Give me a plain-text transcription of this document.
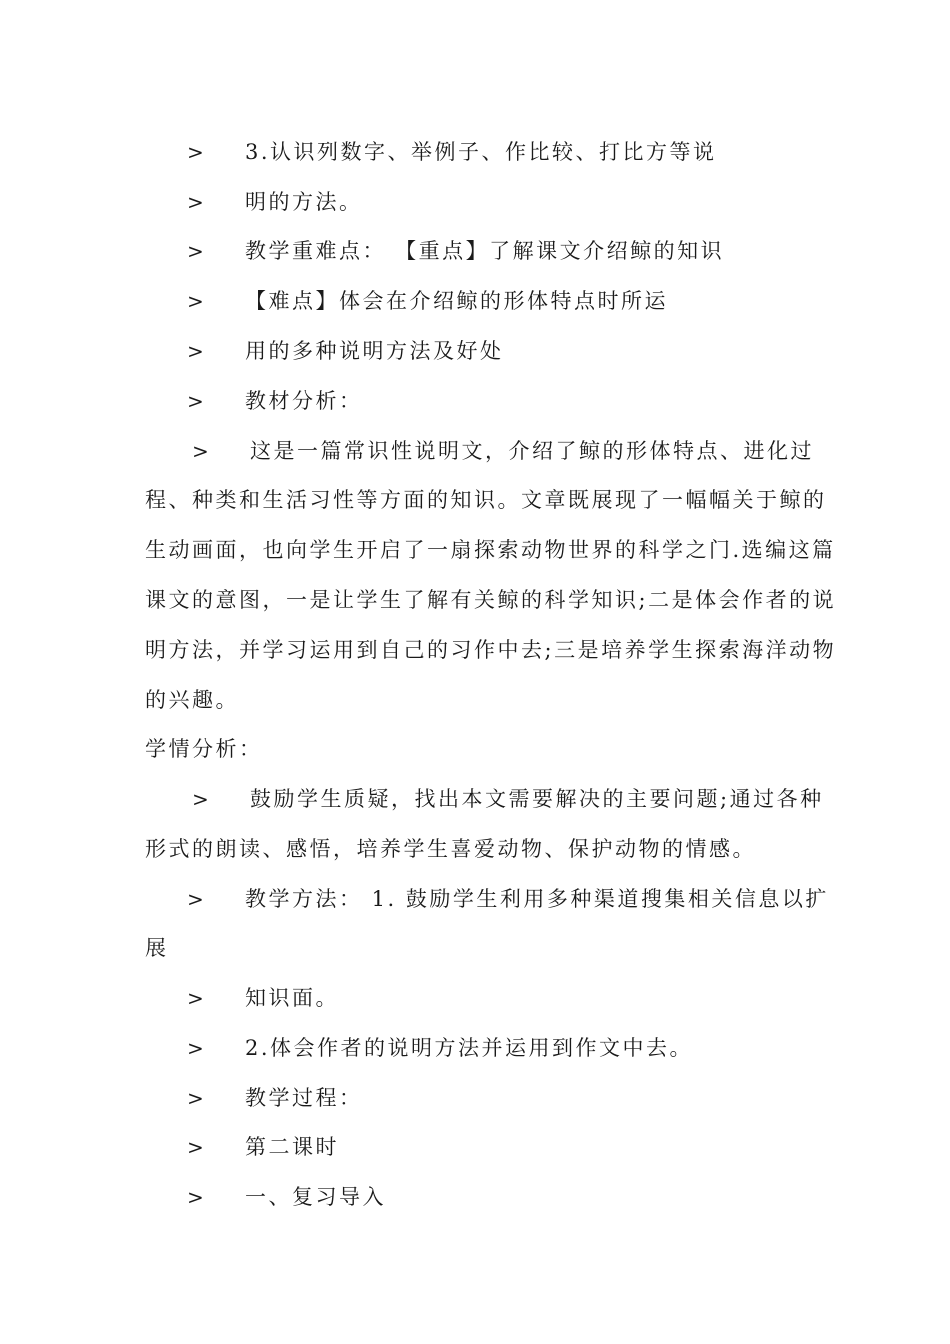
> 3.认识列数字、举例子、作比较、打比方等说
> 明的方法。
> 教学重难点： 【重点】了解课文介绍鲸的知识
> 【难点】体会在介绍鲸的形体特点时所运
> 用的多种说明方法及好处
> 教材分析：
> 这是一篇常识性说明文，介绍了鲸的形体特点、进化过
程、种类和生活习性等方面的知识。文章既展现了一幅幅关于鲸的
生动画面，也向学生开启了一扇探索动物世界的科学之门.选编这篇
课文的意图，一是让学生了解有关鲸的科学知识;二是体会作者的说
明方法，并学习运用到自己的习作中去;三是培养学生探索海洋动物
的兴趣。
学情分析：
> 鼓励学生质疑，找出本文需要解决的主要问题;通过各种
形式的朗读、感悟，培养学生喜爱动物、保护动物的情感。
> 教学方法： 1. 鼓励学生利用多种渠道搜集相关信息以扩
展
> 知识面。
> 2.体会作者的说明方法并运用到作文中去。
> 教学过程：
> 第二课时
> 一、复习导入
